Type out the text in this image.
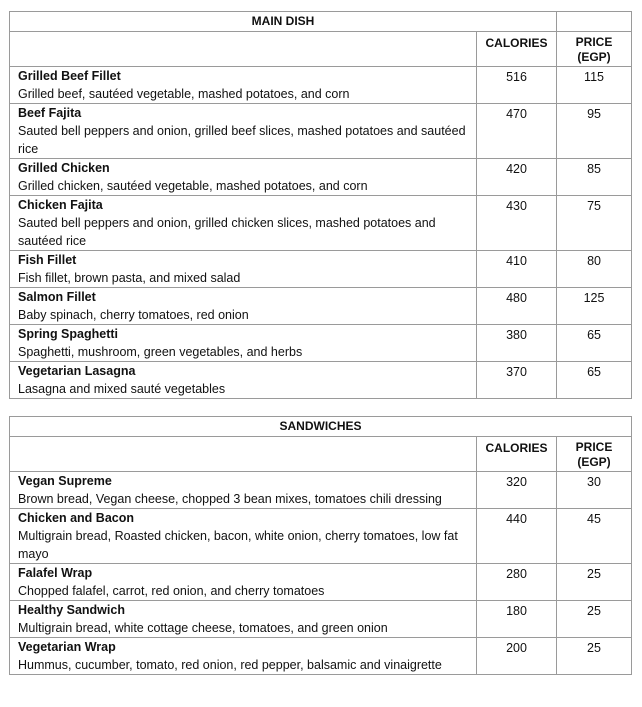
MAIN DISH		
	CALORIES	PRICE
(EGP)

Grilled Beef Fillet
Grilled beef, sautéed vegetable, mashed potatoes, and corn	516	115

Beef Fajita
Sauted bell peppers and onion, grilled beef slices, mashed potatoes and sautéed rice	470	95

Grilled Chicken
Grilled chicken, sautéed vegetable, mashed potatoes, and corn	420	85

Chicken Fajita
Sauted bell peppers and onion, grilled chicken slices, mashed potatoes and sautéed rice	430	75

Fish Fillet
Fish fillet, brown pasta, and mixed salad	410	80

Salmon Fillet
Baby spinach, cherry tomatoes, red onion	480	125

Spring Spaghetti
Spaghetti, mushroom, green vegetables, and herbs	380	65

Vegetarian Lasagna
Lasagna and mixed sauté vegetables	370	65
SANDWICHES		
	CALORIES	PRICE
(EGP)

Vegan Supreme
Brown bread, Vegan cheese, chopped 3 bean mixes, tomatoes chili dressing	320	30

Chicken and Bacon
Multigrain bread, Roasted chicken, bacon, white onion, cherry tomatoes, low fat mayo	440	45

Falafel Wrap
Chopped falafel, carrot, red onion, and cherry tomatoes	280	25

Healthy Sandwich
Multigrain bread, white cottage cheese, tomatoes, and green onion	180	25

Vegetarian Wrap
Hummus, cucumber, tomato, red onion, red pepper, balsamic and vinaigrette	200	25
